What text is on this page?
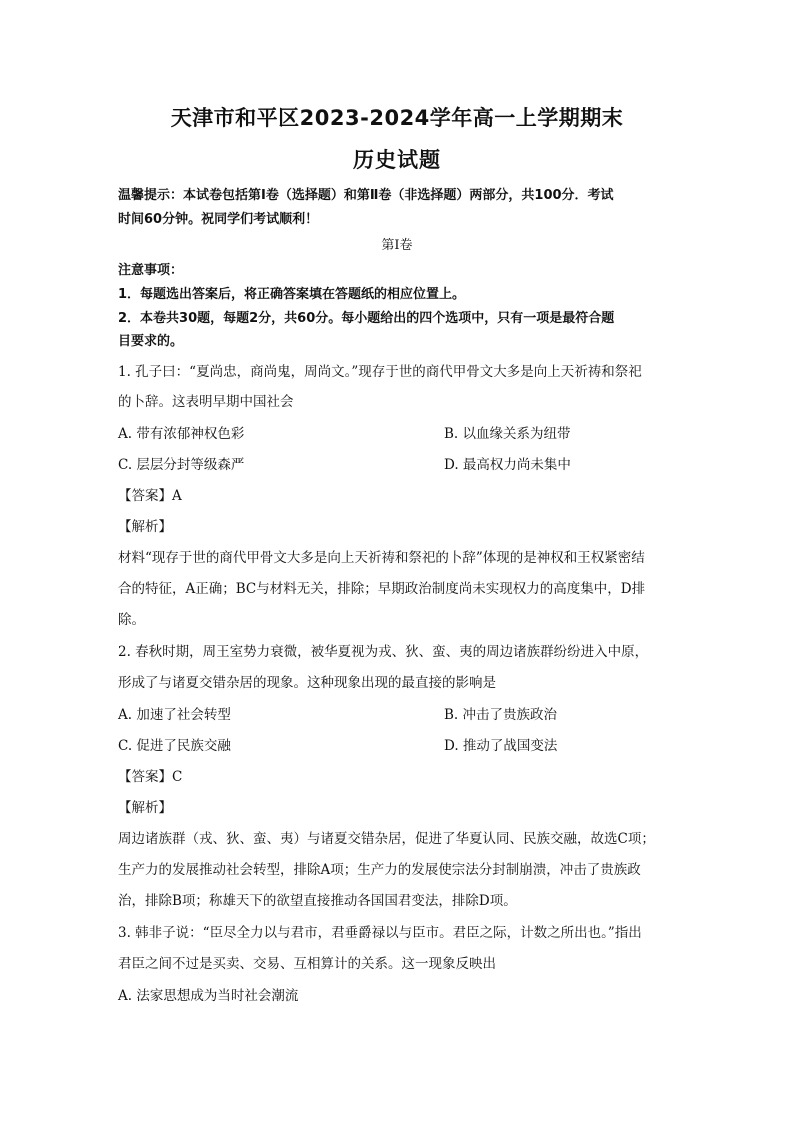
天津市和平区2023-2024学年高一上学期期末
历史试题
温馨提示：本试卷包括第Ⅰ卷（选择题）和第Ⅱ卷（非选择题）两部分，共100分．考试
时间60分钟。祝同学们考试顺利！
第Ⅰ卷
注意事项：
1．每题选出答案后，将正确答案填在答题纸的相应位置上。
2．本卷共30题，每题2分，共60分。每小题给出的四个选项中，只有一项是最符合题
目要求的。
1. 孔子曰：“夏尚忠，商尚鬼，周尚文。”现存于世的商代甲骨文大多是向上天祈祷和祭祀
的卜辞。这表明早期中国社会
A. 带有浓郁神权色彩	B. 以血缘关系为纽带
C. 层层分封等级森严	D. 最高权力尚未集中
【答案】A
【解析】
材料“现存于世的商代甲骨文大多是向上天祈祷和祭祀的卜辞”体现的是神权和王权紧密结
合的特征，A正确；BC与材料无关，排除；早期政治制度尚未实现权力的高度集中，D排
除。
2. 春秋时期，周王室势力衰微，被华夏视为戎、狄、蛮、夷的周边诸族群纷纷进入中原，
形成了与诸夏交错杂居的现象。这种现象出现的最直接的影响是
A. 加速了社会转型	B. 冲击了贵族政治
C. 促进了民族交融	D. 推动了战国变法
【答案】C
【解析】
周边诸族群（戎、狄、蛮、夷）与诸夏交错杂居，促进了华夏认同、民族交融，故选C项；
生产力的发展推动社会转型，排除A项；生产力的发展使宗法分封制崩溃，冲击了贵族政
治，排除B项；称雄天下的欲望直接推动各国国君变法，排除D项。
3. 韩非子说：“臣尽全力以与君市，君垂爵禄以与臣市。君臣之际，计数之所出也。”指出
君臣之间不过是买卖、交易、互相算计的关系。这一现象反映出
A. 法家思想成为当时社会潮流
